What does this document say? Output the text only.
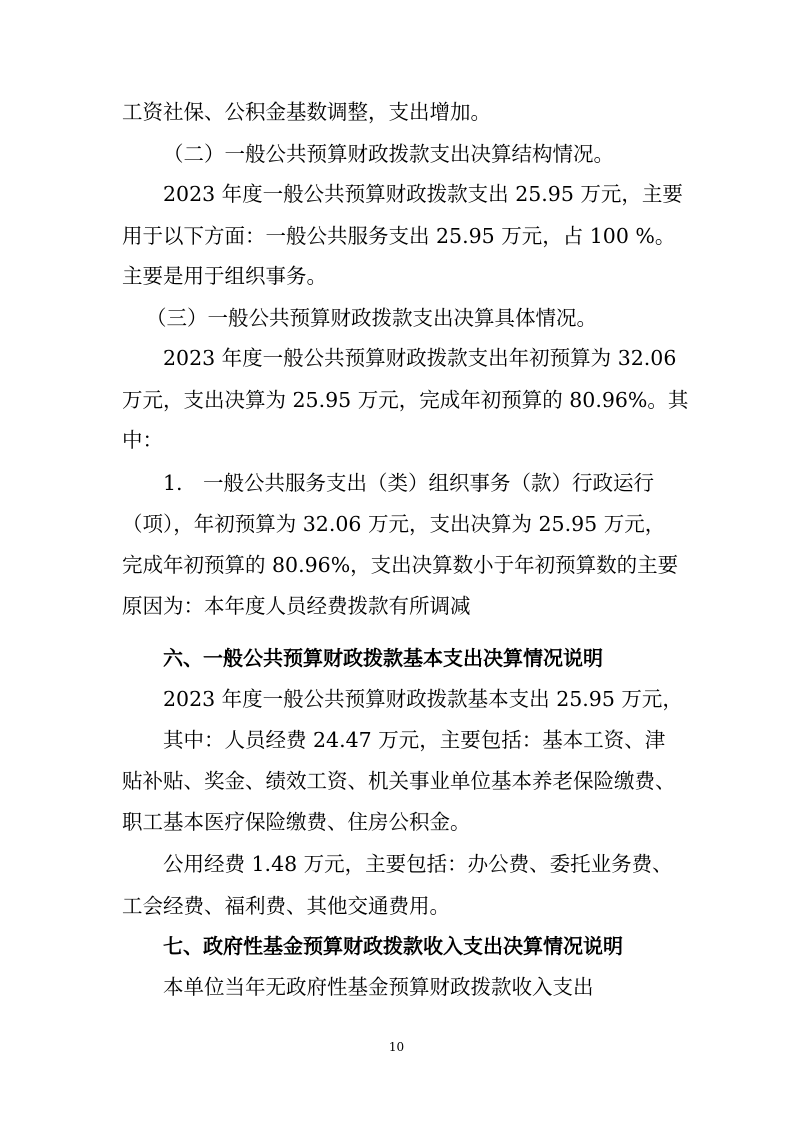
工资社保、公积金基数调整，支出增加。
（二）一般公共预算财政拨款支出决算结构情况。
2023 年度一般公共预算财政拨款支出 25.95 万元，主要
用于以下方面：一般公共服务支出 25.95 万元，占 100 %。
主要是用于组织事务。
（三）一般公共预算财政拨款支出决算具体情况。
2023 年度一般公共预算财政拨款支出年初预算为 32.06
万元，支出决算为 25.95 万元，完成年初预算的 80.96%。其
中：
1.　一般公共服务支出（类）组织事务（款）行政运行
（项），年初预算为 32.06 万元，支出决算为 25.95 万元，
完成年初预算的 80.96%，支出决算数小于年初预算数的主要
原因为：本年度人员经费拨款有所调减
六、一般公共预算财政拨款基本支出决算情况说明
2023 年度一般公共预算财政拨款基本支出 25.95 万元，
其中：人员经费 24.47 万元，主要包括：基本工资、津
贴补贴、奖金、绩效工资、机关事业单位基本养老保险缴费、
职工基本医疗保险缴费、住房公积金。
公用经费 1.48 万元，主要包括：办公费、委托业务费、
工会经费、福利费、其他交通费用。
七、政府性基金预算财政拨款收入支出决算情况说明
本单位当年无政府性基金预算财政拨款收入支出
10
